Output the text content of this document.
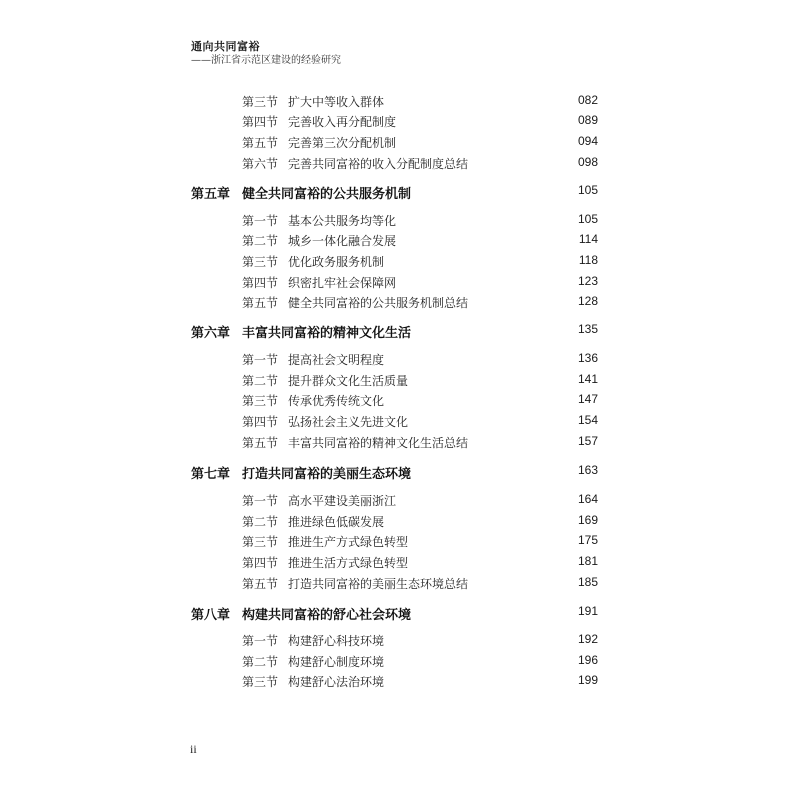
通向共同富裕
——浙江省示范区建设的经验研究
第三节 扩大中等收入群体	082
第四节 完善收入再分配制度	089
第五节 完善第三次分配机制	094
第六节 完善共同富裕的收入分配制度总结	098
第五章 健全共同富裕的公共服务机制	105
第一节 基本公共服务均等化	105
第二节 城乡一体化融合发展	114
第三节 优化政务服务机制	118
第四节 织密扎牢社会保障网	123
第五节 健全共同富裕的公共服务机制总结	128
第六章 丰富共同富裕的精神文化生活	135
第一节 提高社会文明程度	136
第二节 提升群众文化生活质量	141
第三节 传承优秀传统文化	147
第四节 弘扬社会主义先进文化	154
第五节 丰富共同富裕的精神文化生活总结	157
第七章 打造共同富裕的美丽生态环境	163
第一节 高水平建设美丽浙江	164
第二节 推进绿色低碳发展	169
第三节 推进生产方式绿色转型	175
第四节 推进生活方式绿色转型	181
第五节 打造共同富裕的美丽生态环境总结	185
第八章 构建共同富裕的舒心社会环境	191
第一节 构建舒心科技环境	192
第二节 构建舒心制度环境	196
第三节 构建舒心法治环境	199
ii
